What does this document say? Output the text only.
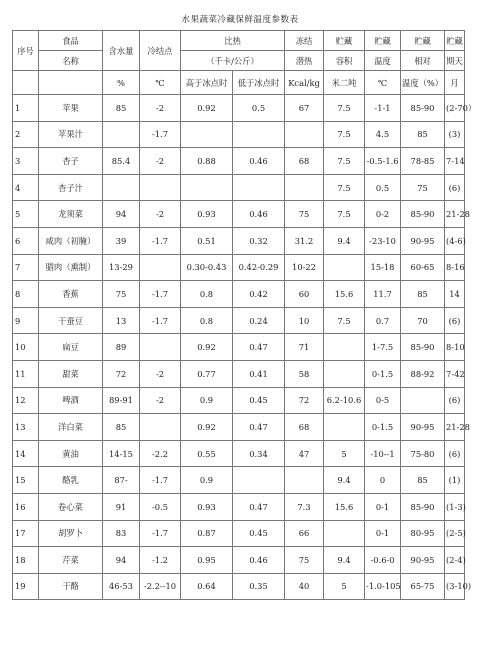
水果蔬菜冷藏保鲜温度参数表
序号	食品	含水量	冷结点	比热		冻结	贮藏	贮藏	贮藏	贮藏
	名称			（千卡/公斤）		潜热	容积	温度	相对	期天
		%	℃	高于冰点时	低于冰点时	Kcal/kg	米二吨	℃	温度（%）	月
1	苹果	85	-2	0.92	0.5	67	7.5	-1-1	85-90	(2-70）
2	苹果汁		-1.7				7.5	4.5	85	(3)
3	杏子	85.4	-2	0.88	0.46	68	7.5	-0.5-1.6	78-85	7-14
4	杏子汁						7.5	0.5	75	(6)
5	龙须菜	94	-2	0.93	0.46	75	7.5	0-2	85-90	21-28
6	咸肉（初腌）	39	-1.7	0.51	0.32	31.2	9.4	-23-10	90-95	(4-6)
7	腊肉（熏制）	13-29		0.30-0.43	0.42-0.29	10-22		15-18	60-65	8-16
8	香蕉	75	-1.7	0.8	0.42	60	15.6	11.7	85	14
9	干蚕豆	13	-1.7	0.8	0.24	10	7.5	0.7	70	(6)
10	扁豆	89		0.92	0.47	71		1-7.5	85-90	8-10
11	甜菜	72	-2	0.77	0.41	58		0-1.5	88-92	7-42
12	啤酒	89-91	-2	0.9	0.45	72	6.2-10.6	0-5		(6)
13	洋白菜	85		0.92	0.47	68		0-1.5	90-95	21-28
14	黄油	14-15	-2.2	0.55	0.34	47	5	-10--1	75-80	(6)
15	酪乳	87-	-1.7	0.9			9.4	0	85	(1)
16	卷心菜	91	-0.5	0.93	0.47	7.3	15.6	0-1	85-90	(1-3)
17	胡罗卜	83	-1.7	0.87	0.45	66		0-1	80-95	(2-5)
18	芹菜	94	-1.2	0.95	0.46	75	9.4	-0.6-0	90-95	(2-4)
19	干酪	46-53	-2.2--10	0.64	0.35	40	5	-1.0-105	65-75	(3-10)
